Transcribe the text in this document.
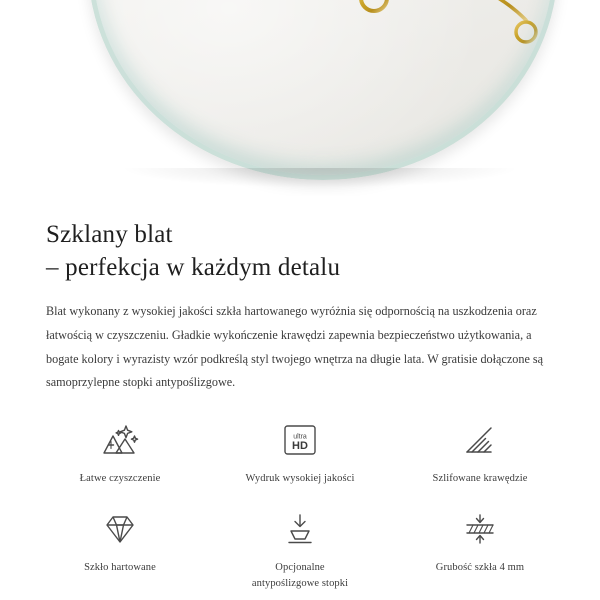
Szklany blat
– perfekcja w każdym detalu

Blat wykonany z wysokiej jakości szkła hartowanego wyróżnia się odpornością na uszkodzenia oraz łatwością w czyszczeniu. Gładkie wykończenie krawędzi zapewnia bezpieczeństwo użytkowania, a bogate kolory i wyrazisty wzór podkreślą styl twojego wnętrza na długie lata. W gratisie dołączone są samoprzylepne stopki antypoślizgowe.

Łatwe czyszczenie
ultra
HD
Wydruk wysokiej jakości	Szlifowane krawędzie
Szkło hartowane	Opcjonalne
antypoślizgowe stopki
Grubość szkła 4 mm
